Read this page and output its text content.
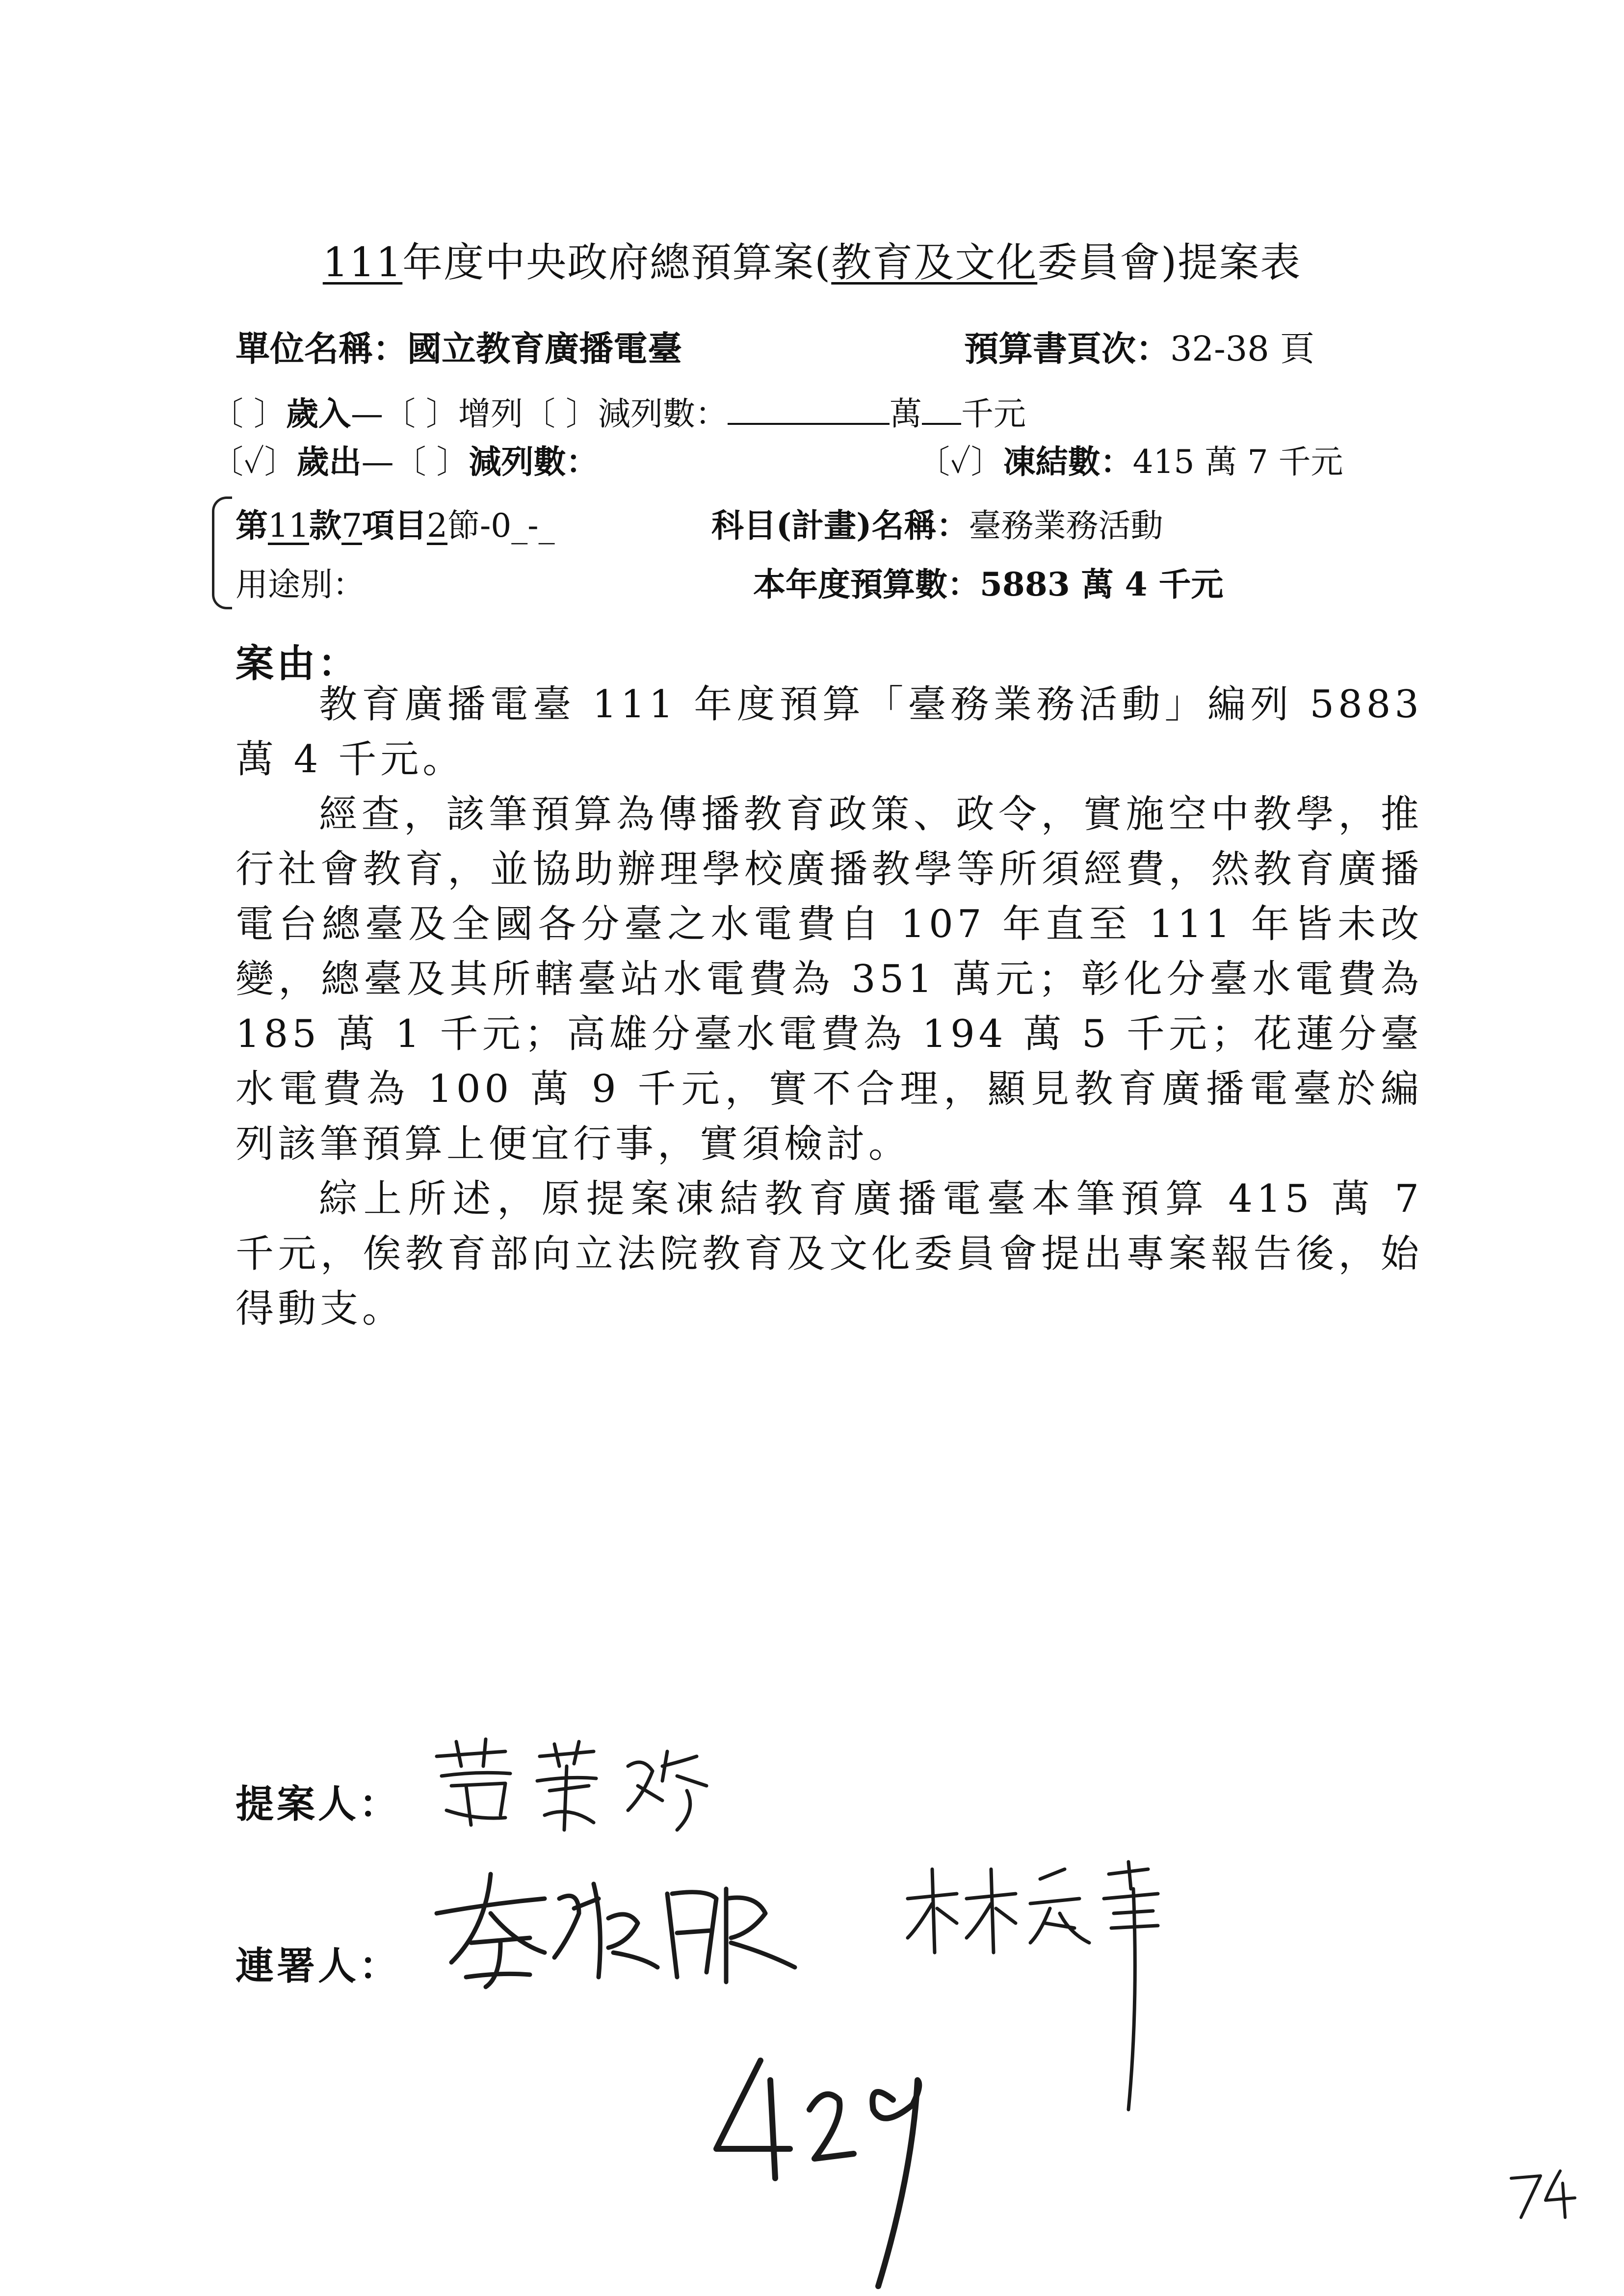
111年度中央政府總預算案(教育及文化委員會)提案表
單位名稱：國立教育廣播電臺	預算書頁次：32-38 頁
〔 〕歲入—〔 〕增列〔 〕減列數：	萬 千元
〔✓〕歲出—〔 〕減列數：	〔✓〕凍結數：415 萬 7 千元
第11款7項目2節-0_-_	科目(計畫)名稱：臺務業務活動
用途別：	本年度預算數：5883 萬 4 千元
案由：

教育廣播電臺 111 年度預算「臺務業務活動」編列 5883 萬 4 千元。

經查，該筆預算為傳播教育政策、政令，實施空中教學，推行社會教育，並協助辦理學校廣播教學等所須經費，然教育廣播電台總臺及全國各分臺之水電費自 107 年直至 111 年皆未改變，總臺及其所轄臺站水電費為 351 萬元；彰化分臺水電費為 185 萬 1 千元；高雄分臺水電費為 194 萬 5 千元；花蓮分臺水電費為 100 萬 9 千元，實不合理，顯見教育廣播電臺於編列該筆預算上便宜行事，實須檢討。

綜上所述，原提案凍結教育廣播電臺本筆預算 415 萬 7 千元，俟教育部向立法院教育及文化委員會提出專案報告後，始得動支。

提案人：
連署人：
